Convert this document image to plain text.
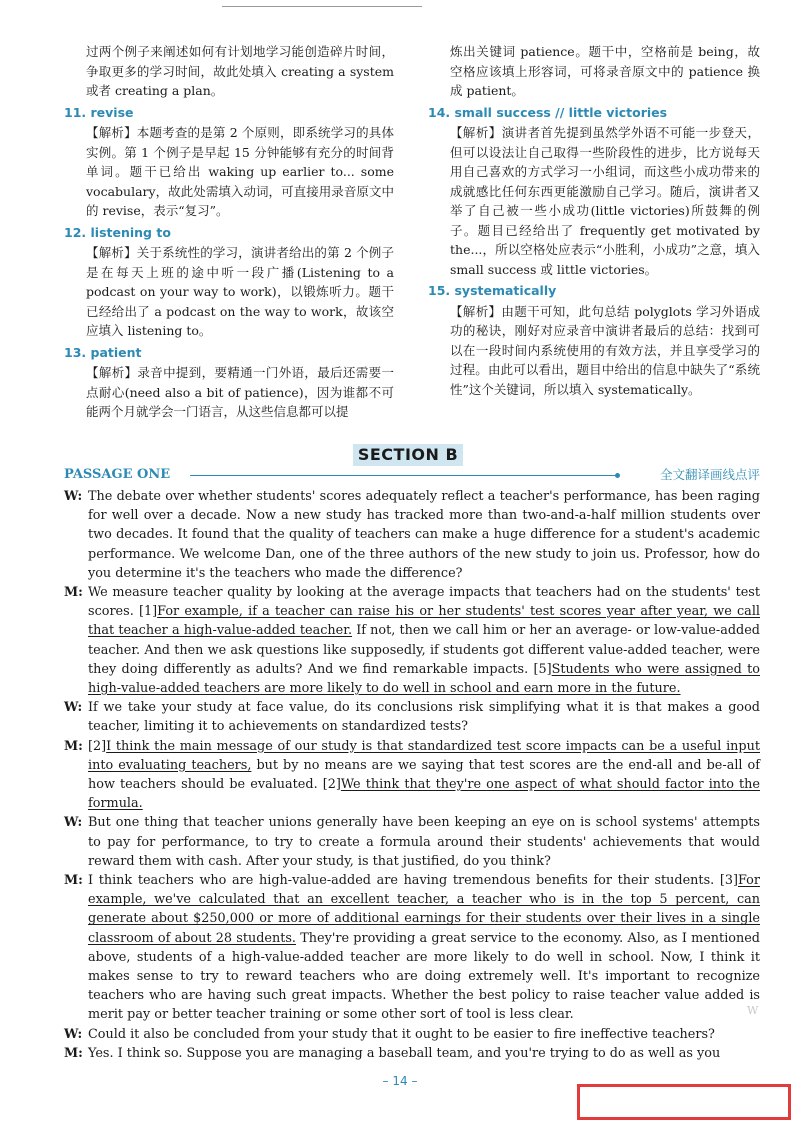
过两个例子来阐述如何有计划地学习能创造碎片时间，争取更多的学习时间，故此处填入 creating a system 或者 creating a plan。
11. revise
【解析】本题考查的是第 2 个原则，即系统学习的具体实例。第 1 个例子是早起 15 分钟能够有充分的时间背单词。题干已给出 waking up earlier to... some vocabulary，故此处需填入动词，可直接用录音原文中的 revise，表示“复习”。
12. listening to
【解析】关于系统性的学习，演讲者给出的第 2 个例子是在每天上班的途中听一段广播(Listening to a podcast on your way to work)，以锻炼听力。题干已经给出了 a podcast on the way to work，故该空应填入 listening to。
13. patient
【解析】录音中提到，要精通一门外语，最后还需要一点耐心(need also a bit of patience)，因为谁都不可能两个月就学会一门语言，从这些信息都可以提
炼出关键词 patience。题干中，空格前是 being，故空格应该填上形容词，可将录音原文中的 patience 换成 patient。
14. small success // little victories
【解析】演讲者首先提到虽然学外语不可能一步登天，但可以设法让自己取得一些阶段性的进步，比方说每天用自己喜欢的方式学习一小组词，而这些小成功带来的成就感比任何东西更能激励自己学习。随后，演讲者又举了自己被一些小成功(little victories)所鼓舞的例子。题目已经给出了 frequently get motivated by the...，所以空格处应表示“小胜利，小成功”之意，填入 small success 或 little victories。
15. systematically
【解析】由题干可知，此句总结 polyglots 学习外语成功的秘诀，刚好对应录音中演讲者最后的总结：找到可以在一段时间内系统使用的有效方法，并且享受学习的过程。由此可以看出，题目中给出的信息中缺失了“系统性”这个关键词，所以填入 systematically。
SECTION B
PASSAGE ONE	全文翻译画线点评
W: The debate over whether students' scores adequately reflect a teacher's performance, has been raging for well over a decade. Now a new study has tracked more than two-and-a-half million students over two decades. It found that the quality of teachers can make a huge difference for a student's academic performance. We welcome Dan, one of the three authors of the new study to join us. Professor, how do you determine it's the teachers who made the difference?
M: We measure teacher quality by looking at the average impacts that teachers had on the students' test scores. [1]For example, if a teacher can raise his or her students' test scores year after year, we call that teacher a high-value-added teacher. If not, then we call him or her an average- or low-value-added teacher. And then we ask questions like supposedly, if students got different value-added teacher, were they doing differently as adults? And we find remarkable impacts. [5]Students who were assigned to high-value-added teachers are more likely to do well in school and earn more in the future.
W: If we take your study at face value, do its conclusions risk simplifying what it is that makes a good teacher, limiting it to achievements on standardized tests?
M: [2]I think the main message of our study is that standardized test score impacts can be a useful input into evaluating teachers, but by no means are we saying that test scores are the end-all and be-all of how teachers should be evaluated. [2]We think that they're one aspect of what should factor into the formula.
W: But one thing that teacher unions generally have been keeping an eye on is school systems' attempts to pay for performance, to try to create a formula around their students' achievements that would reward them with cash. After your study, is that justified, do you think?
M: I think teachers who are high-value-added are having tremendous benefits for their students. [3]For example, we've calculated that an excellent teacher, a teacher who is in the top 5 percent, can generate about $250,000 or more of additional earnings for their students over their lives in a single classroom of about 28 students. They're providing a great service to the economy. Also, as I mentioned above, students of a high-value-added teacher are more likely to do well in school. Now, I think it makes sense to try to reward teachers who are doing extremely well. It's important to recognize teachers who are having such great impacts. Whether the best policy to raise teacher value added is merit pay or better teacher training or some other sort of tool is less clear.
W: Could it also be concluded from your study that it ought to be easier to fire ineffective teachers?
M: Yes. I think so. Suppose you are managing a baseball team, and you're trying to do as well as you
W
– 14 –
